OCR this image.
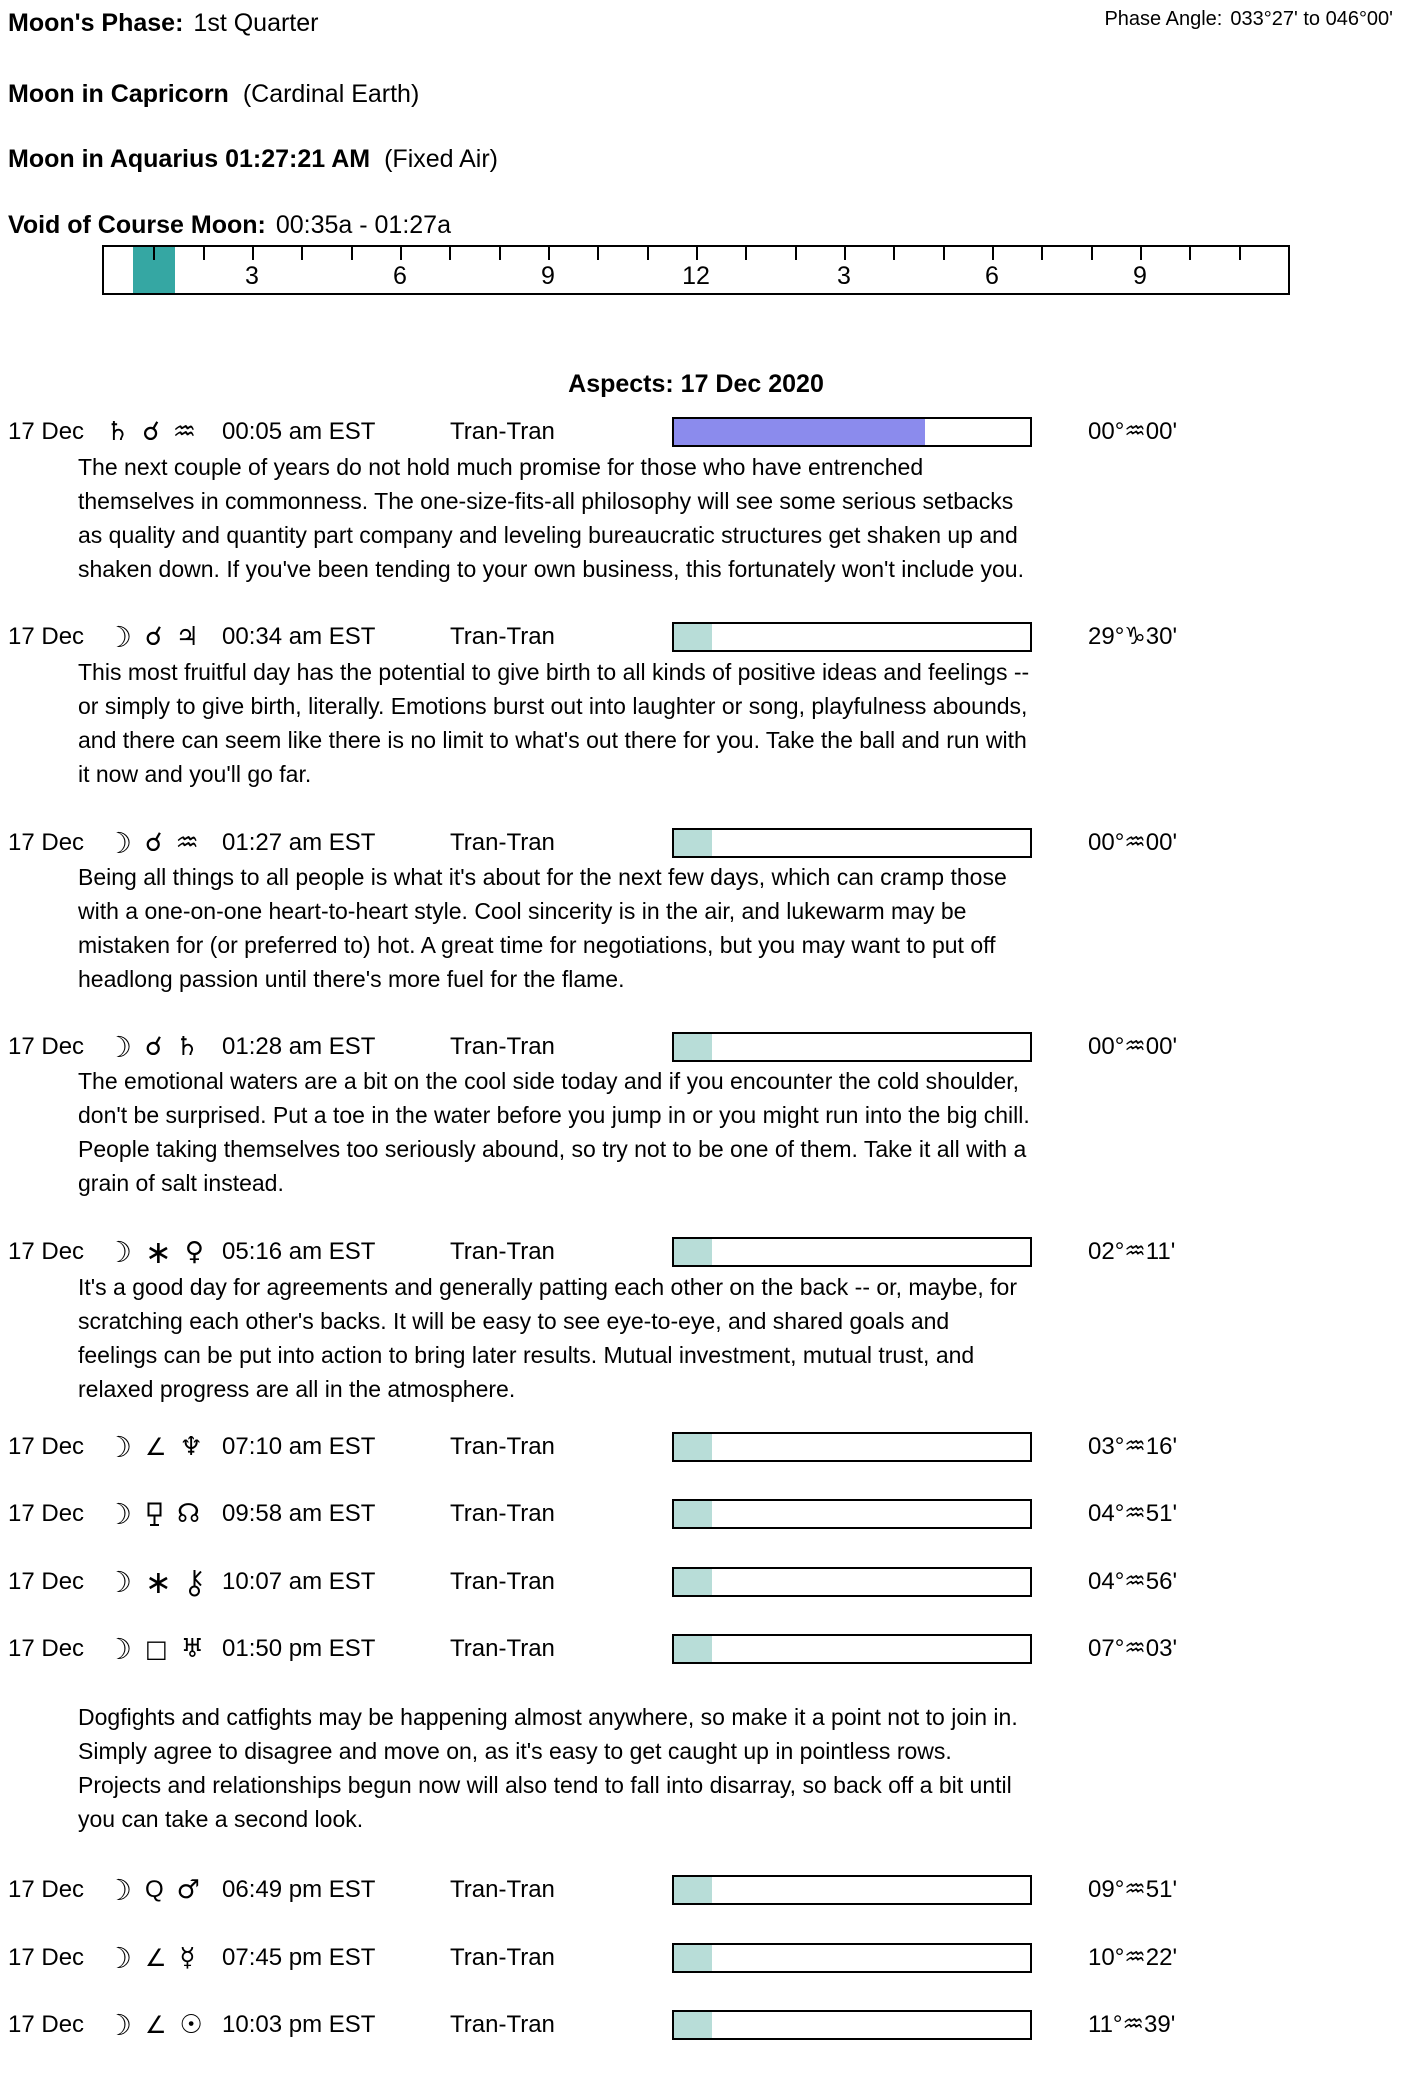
Moon's Phase: 1st Quarter	Phase Angle: 033°27' to 046°00'
Moon in Capricorn (Cardinal Earth)
Moon in Aquarius 01:27:21 AM (Fixed Air)
Void of Course Moon: 00:35a - 01:27a
3	6	9	12	3	6	9
Aspects: 17 Dec 2020
17 Dec ♄ ☌ ♒ 00:05 am EST	Tran-Tran	00°♒00'
The next couple of years do not hold much promise for those who have entrenched
themselves in commonness. The one-size-fits-all philosophy will see some serious setbacks
as quality and quantity part company and leveling bureaucratic structures get shaken up and
shaken down. If you've been tending to your own business, this fortunately won't include you.
17 Dec ☽ ☌ ♃ 00:34 am EST	Tran-Tran	29°♑30'
This most fruitful day has the potential to give birth to all kinds of positive ideas and feelings --
or simply to give birth, literally. Emotions burst out into laughter or song, playfulness abounds,
and there can seem like there is no limit to what's out there for you. Take the ball and run with
it now and you'll go far.
17 Dec ☽ ☌ ♒ 01:27 am EST	Tran-Tran	00°♒00'
Being all things to all people is what it's about for the next few days, which can cramp those
with a one-on-one heart-to-heart style. Cool sincerity is in the air, and lukewarm may be
mistaken for (or preferred to) hot. A great time for negotiations, but you may want to put off
headlong passion until there's more fuel for the flame.
17 Dec ☽ ☌ ♄ 01:28 am EST	Tran-Tran	00°♒00'
The emotional waters are a bit on the cool side today and if you encounter the cold shoulder,
don't be surprised. Put a toe in the water before you jump in or you might run into the big chill.
People taking themselves too seriously abound, so try not to be one of them. Take it all with a
grain of salt instead.
17 Dec ☽ ∗ ♀ 05:16 am EST	Tran-Tran	02°♒11'
It's a good day for agreements and generally patting each other on the back -- or, maybe, for
scratching each other's backs. It will be easy to see eye-to-eye, and shared goals and
feelings can be put into action to bring later results. Mutual investment, mutual trust, and
relaxed progress are all in the atmosphere.
17 Dec ☽ ∠ ♆ 07:10 am EST	Tran-Tran	03°♒16'
17 Dec ☽ ☊ 09:58 am EST	Tran-Tran	04°♒51'
17 Dec ☽ ∗ 10:07 am EST	Tran-Tran	04°♒56'
17 Dec ☽ □ ♅ 01:50 pm EST	Tran-Tran	07°♒03'
Dogfights and catfights may be happening almost anywhere, so make it a point not to join in.
Simply agree to disagree and move on, as it's easy to get caught up in pointless rows.
Projects and relationships begun now will also tend to fall into disarray, so back off a bit until
you can take a second look.
17 Dec ☽ Q ♂ 06:49 pm EST	Tran-Tran	09°♒51'
17 Dec ☽ ∠ ☿ 07:45 pm EST	Tran-Tran	10°♒22'
17 Dec ☽ ∠ ☉ 10:03 pm EST	Tran-Tran	11°♒39'
